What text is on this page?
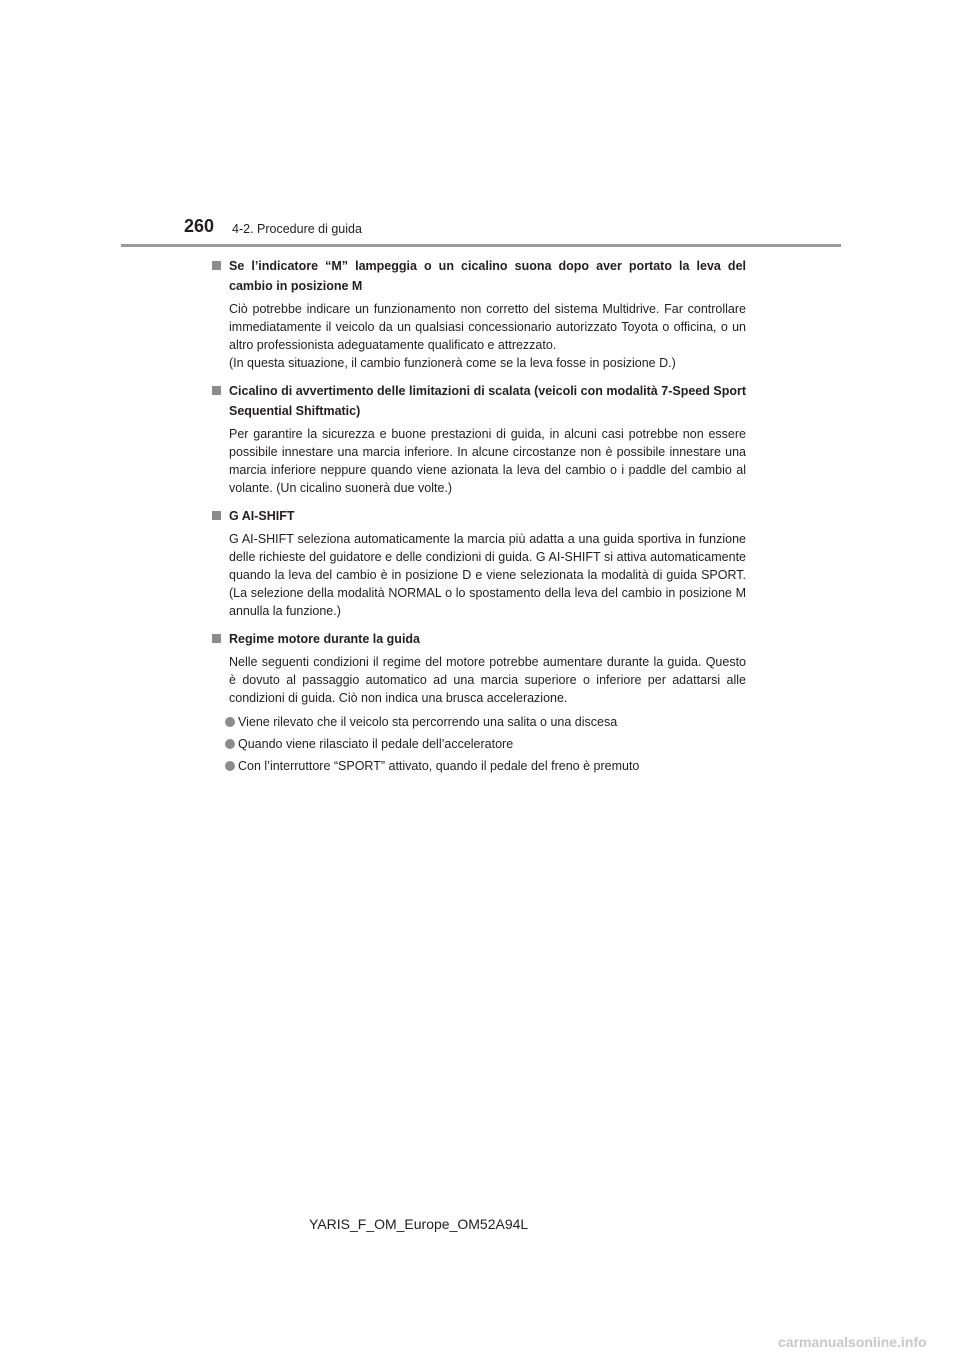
260 4-2. Procedure di guida
Se l’indicatore “M” lampeggia o un cicalino suona dopo aver portato la leva del cambio in posizione M
Ciò potrebbe indicare un funzionamento non corretto del sistema Multidrive. Far controllare immediatamente il veicolo da un qualsiasi concessionario autorizzato Toyota o officina, o un altro professionista adeguatamente qualificato e attrezzato.
(In questa situazione, il cambio funzionerà come se la leva fosse in posizione D.)
Cicalino di avvertimento delle limitazioni di scalata (veicoli con modalità 7-Speed Sport Sequential Shiftmatic)
Per garantire la sicurezza e buone prestazioni di guida, in alcuni casi potrebbe non essere possibile innestare una marcia inferiore. In alcune circostanze non è possibile innestare una marcia inferiore neppure quando viene azionata la leva del cambio o i paddle del cambio al volante. (Un cicalino suonerà due volte.)
G AI-SHIFT
G AI-SHIFT seleziona automaticamente la marcia più adatta a una guida sportiva in funzione delle richieste del guidatore e delle condizioni di guida. G AI-SHIFT si attiva automaticamente quando la leva del cambio è in posizione D e viene selezionata la modalità di guida SPORT. (La selezione della modalità NORMAL o lo spostamento della leva del cambio in posizione M annulla la funzione.)
Regime motore durante la guida
Nelle seguenti condizioni il regime del motore potrebbe aumentare durante la guida. Questo è dovuto al passaggio automatico ad una marcia superiore o inferiore per adattarsi alle condizioni di guida. Ciò non indica una brusca accelerazione.
Viene rilevato che il veicolo sta percorrendo una salita o una discesa
Quando viene rilasciato il pedale dell’acceleratore
Con l’interruttore “SPORT” attivato, quando il pedale del freno è premuto
YARIS_F_OM_Europe_OM52A94L
carmanualsonline.info
